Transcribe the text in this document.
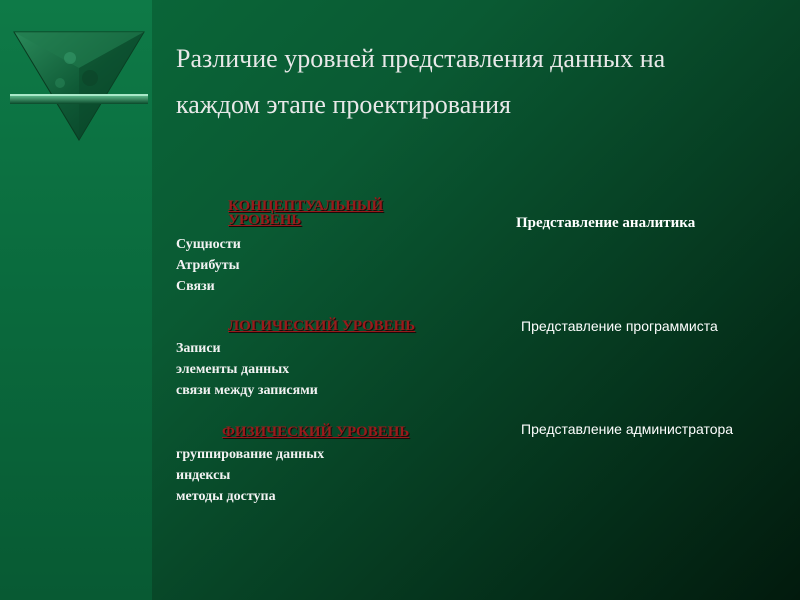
Различие уровней представления данных на
каждом этапе проектирования
КОНЦЕПТУАЛЬНЫЙ
УРОВЕНЬ
Сущности
Атрибуты
Связи
Представление аналитика
ЛОГИЧЕСКИЙ УРОВЕНЬ
Записи
элементы данных
связи между записями
Представление программиста
ФИЗИЧЕСКИЙ УРОВЕНЬ
группирование данных
индексы
методы доступа
Представление администратора
